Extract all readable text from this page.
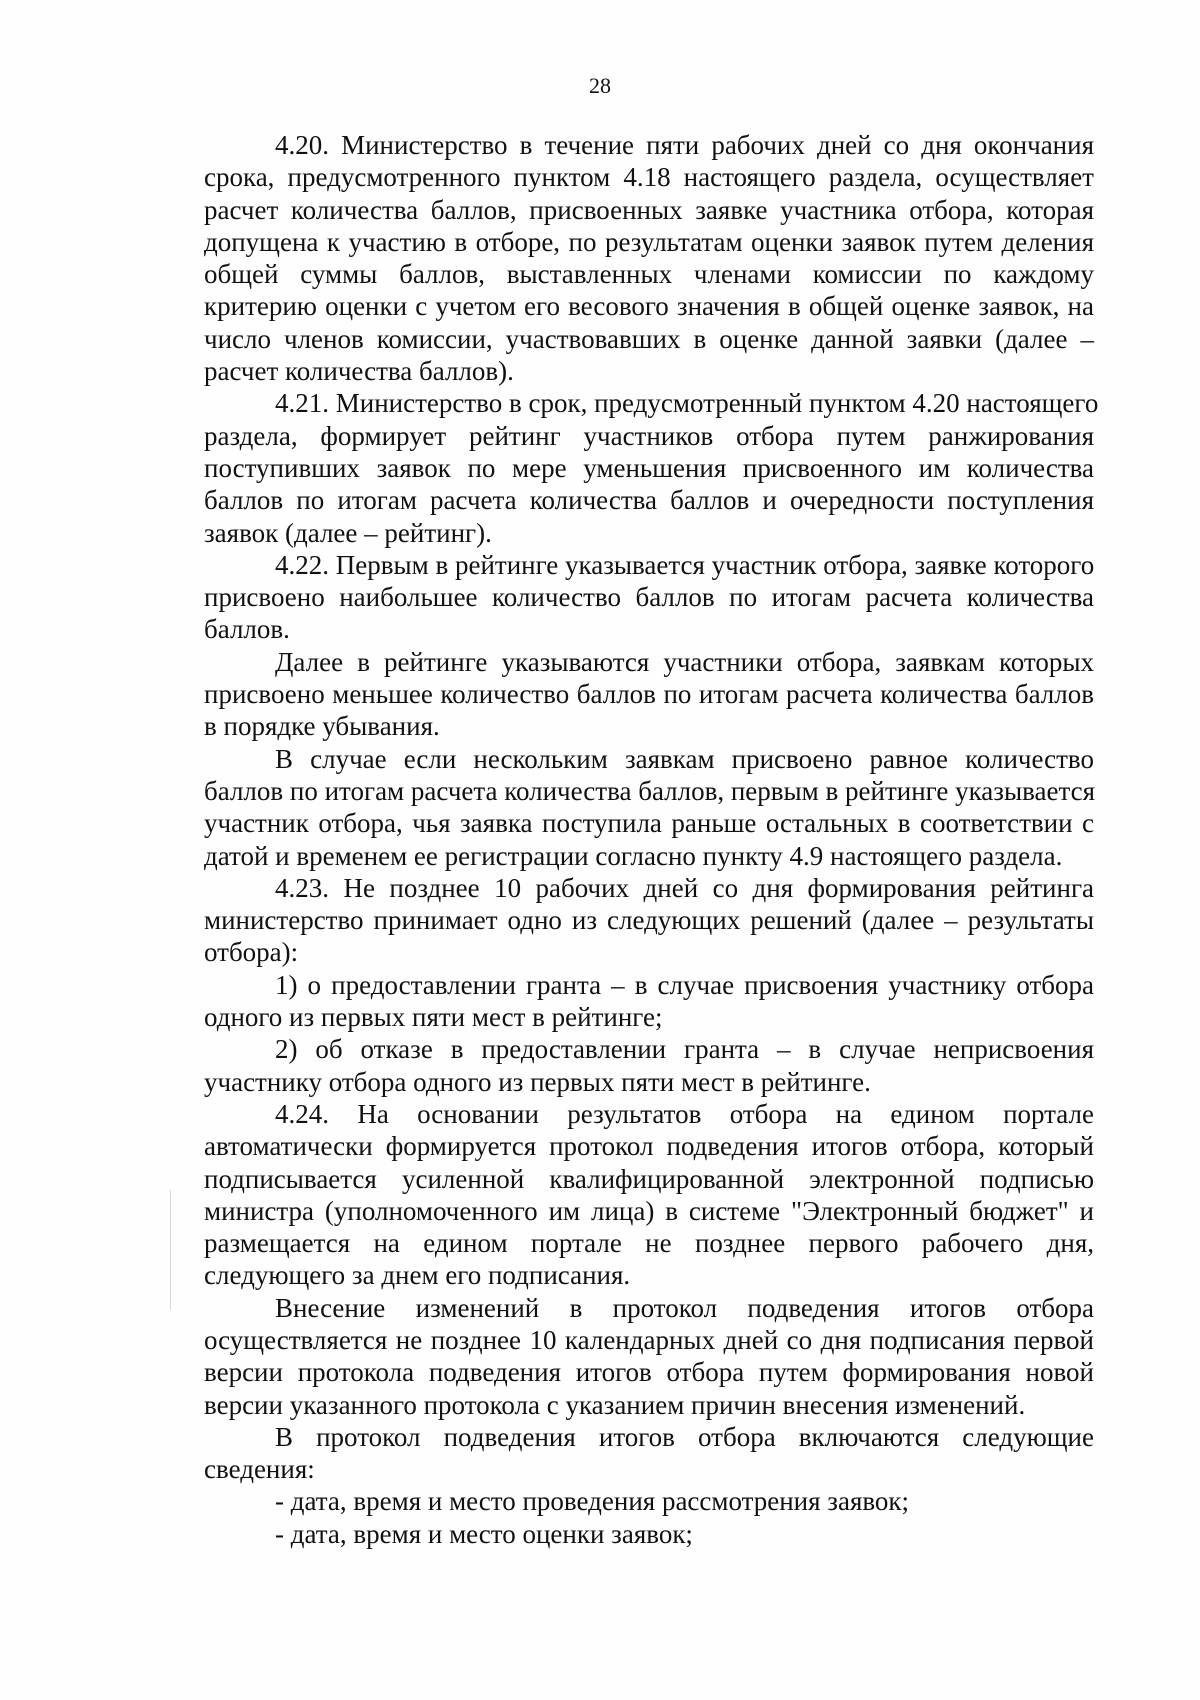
28

4.20. Министерство в течение пяти рабочих дней со дня окончания
срока, предусмотренного пунктом 4.18 настоящего раздела, осуществляет
расчет количества баллов, присвоенных заявке участника отбора, которая
допущена к участию в отборе, по результатам оценки заявок путем деления
общей суммы баллов, выставленных членами комиссии по каждому
критерию оценки с учетом его весового значения в общей оценке заявок, на
число членов комиссии, участвовавших в оценке данной заявки (далее –
расчет количества баллов).

4.21. Министерство в срок, предусмотренный пунктом 4.20 настоящего
раздела, формирует рейтинг участников отбора путем ранжирования
поступивших заявок по мере уменьшения присвоенного им количества
баллов по итогам расчета количества баллов и очередности поступления
заявок (далее – рейтинг).

4.22. Первым в рейтинге указывается участник отбора, заявке которого
присвоено наибольшее количество баллов по итогам расчета количества
баллов.

Далее в рейтинге указываются участники отбора, заявкам которых
присвоено меньшее количество баллов по итогам расчета количества баллов
в порядке убывания.

В случае если нескольким заявкам присвоено равное количество
баллов по итогам расчета количества баллов, первым в рейтинге указывается
участник отбора, чья заявка поступила раньше остальных в соответствии с
датой и временем ее регистрации согласно пункту 4.9 настоящего раздела.

4.23. Не позднее 10 рабочих дней со дня формирования рейтинга
министерство принимает одно из следующих решений (далее – результаты
отбора):

1) о предоставлении гранта – в случае присвоения участнику отбора
одного из первых пяти мест в рейтинге;

2) об отказе в предоставлении гранта – в случае неприсвоения
участнику отбора одного из первых пяти мест в рейтинге.

4.24. На основании результатов отбора на едином портале
автоматически формируется протокол подведения итогов отбора, который
подписывается усиленной квалифицированной электронной подписью
министра (уполномоченного им лица) в системе "Электронный бюджет" и
размещается на едином портале не позднее первого рабочего дня,
следующего за днем его подписания.

Внесение изменений в протокол подведения итогов отбора
осуществляется не позднее 10 календарных дней со дня подписания первой
версии протокола подведения итогов отбора путем формирования новой
версии указанного протокола с указанием причин внесения изменений.

В протокол подведения итогов отбора включаются следующие
сведения:

- дата, время и место проведения рассмотрения заявок;

- дата, время и место оценки заявок;
